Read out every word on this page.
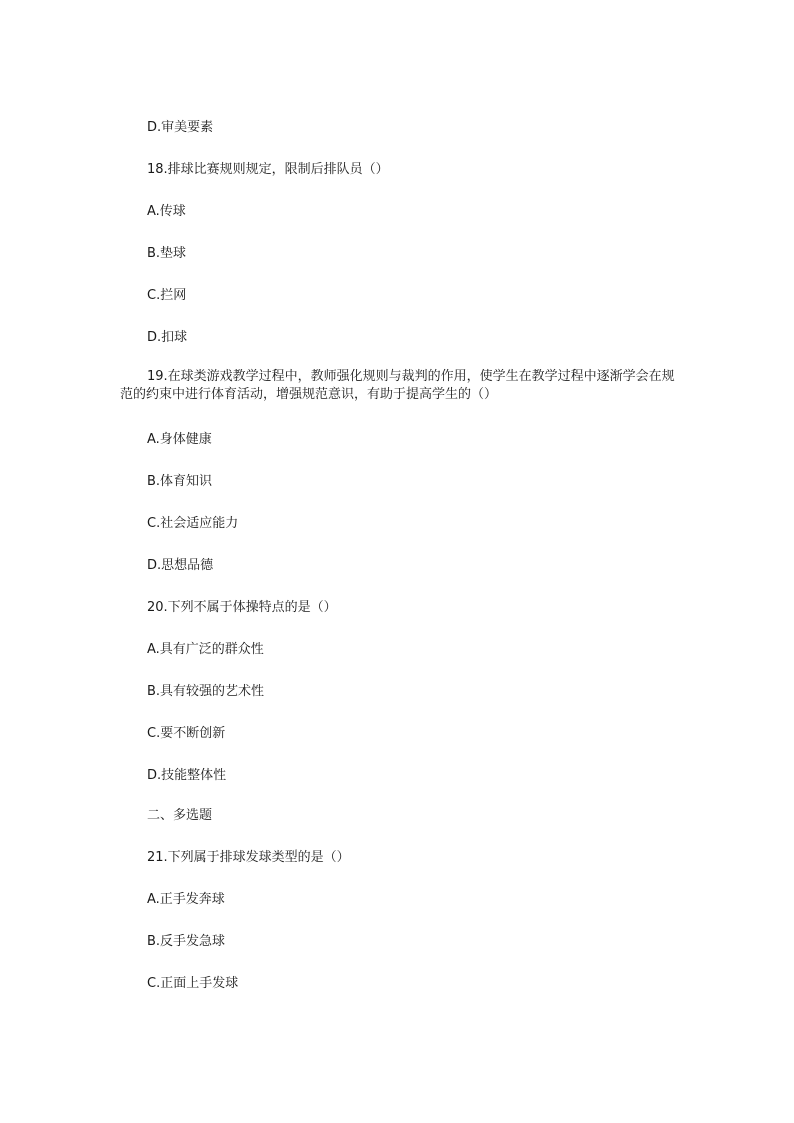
D.审美要素
18.排球比赛规则规定，限制后排队员（）
A.传球
B.垫球
C.拦网
D.扣球
19.在球类游戏教学过程中，教师强化规则与裁判的作用，使学生在教学过程中逐渐学会在规范的约束中进行体育活动，增强规范意识，有助于提高学生的（）
A.身体健康
B.体育知识
C.社会适应能力
D.思想品德
20.下列不属于体操特点的是（）
A.具有广泛的群众性
B.具有较强的艺术性
C.要不断创新
D.技能整体性
二、多选题
21.下列属于排球发球类型的是（）
A.正手发奔球
B.反手发急球
C.正面上手发球
